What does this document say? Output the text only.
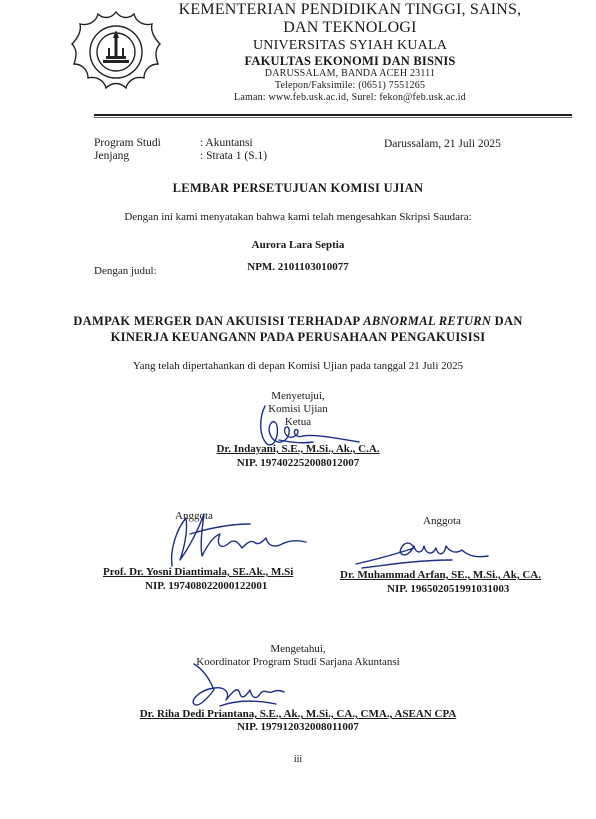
KEMENTERIAN PENDIDIKAN TINGGI, SAINS,
DAN TEKNOLOGI
UNIVERSITAS SYIAH KUALA
FAKULTAS EKONOMI DAN BISNIS
DARUSSALAM, BANDA ACEH 23111
Telepon/Faksimile: (0651) 7551265
Laman: www.feb.usk.ac.id, Surel: fekon@feb.usk.ac.id
Program Studi	: Akuntansi
Jenjang	: Strata 1 (S.1)
Darussalam, 21 Juli 2025
LEMBAR PERSETUJUAN KOMISI UJIAN
Dengan ini kami menyatakan bahwa kami telah mengesahkan Skripsi Saudara:
Aurora Lara Septia
NPM. 2101103010077
Dengan judul:
DAMPAK MERGER DAN AKUISISI TERHADAP ABNORMAL RETURN DAN
KINERJA KEUANGANN PADA PERUSAHAAN PENGAKUISISI
Yang telah dipertahankan di depan Komisi Ujian pada tanggal 21 Juli 2025
Menyetujui,
Komisi Ujian
Ketua
Dr. Indayani, S.E., M.Si., Ak., C.A.
NIP. 197402252008012007
Anggota
Prof. Dr. Yosni Diantimala, SE.Ak., M.Si
NIP. 197408022000122001
Anggota
Dr. Muhammad Arfan, SE., M.Si., Ak, CA.
NIP. 196502051991031003
Mengetahui,
Koordinator Program Studi Sarjana Akuntansi
Dr. Riha Dedi Priantana, S.E., Ak., M.Si., CA., CMA., ASEAN CPA
NIP. 197912032008011007
iii
